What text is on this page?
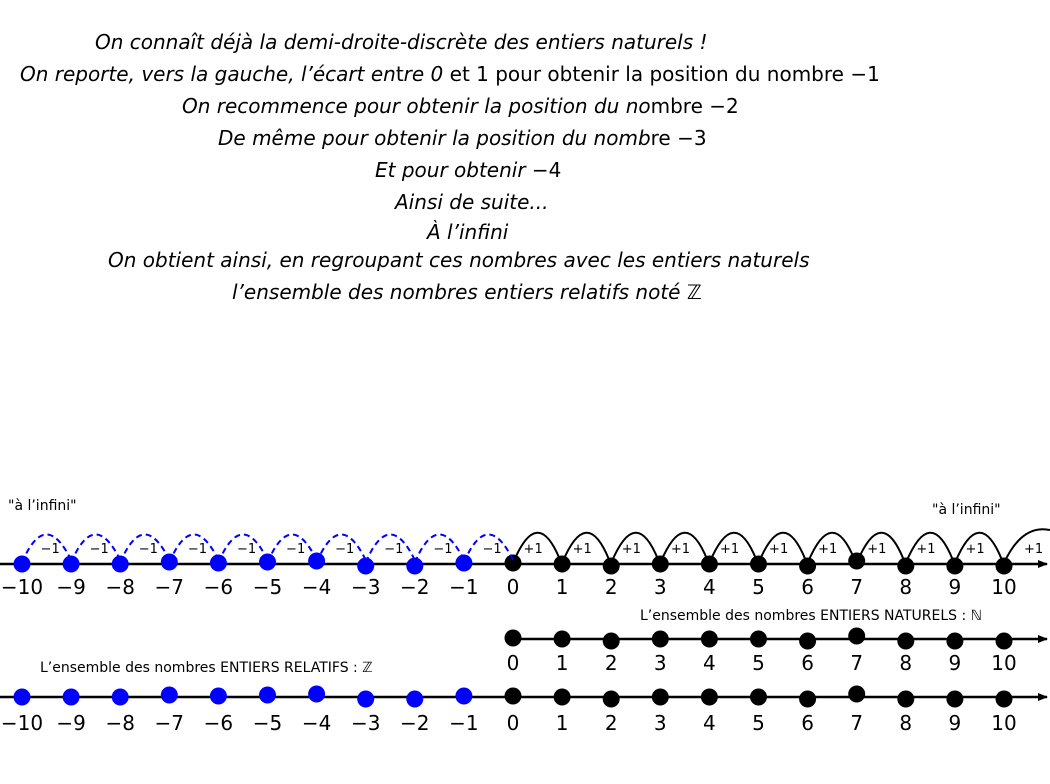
On connaît déjà la demi-droite-discrète des entiers naturels !
On reporte, vers la gauche, l’écart entre 0 et 1 pour obtenir la position du nombre −1
On recommence pour obtenir la position du nombre −2
De même pour obtenir la position du nombre −3
Et pour obtenir −4
Ainsi de suite...
À l’infini
On obtient ainsi, en regroupant ces nombres avec les entiers naturels
l’ensemble des nombres entiers relatifs noté ℤ
"à l’infini"	"à l’infini"
L’ensemble des nombres ENTIERS NATURELS : ℕ
L’ensemble des nombres ENTIERS RELATIFS : ℤ
−10 −9 −8 −7 −6 −5 −4 −3 −2 −1 0 1 2 3 4 5 6 7 8 9 10
+1 +1 +1 +1 +1 +1 +1 +1 +1 +1	+1
−1
−1
−1
−1
−1
−1
−1
−1
−1
−1
0 1 2 3 4 5 6 7 8 9 10
−10 −9 −8 −7 −6 −5 −4 −3 −2 −1 0 1 2 3 4 5 6 7 8 9 10
